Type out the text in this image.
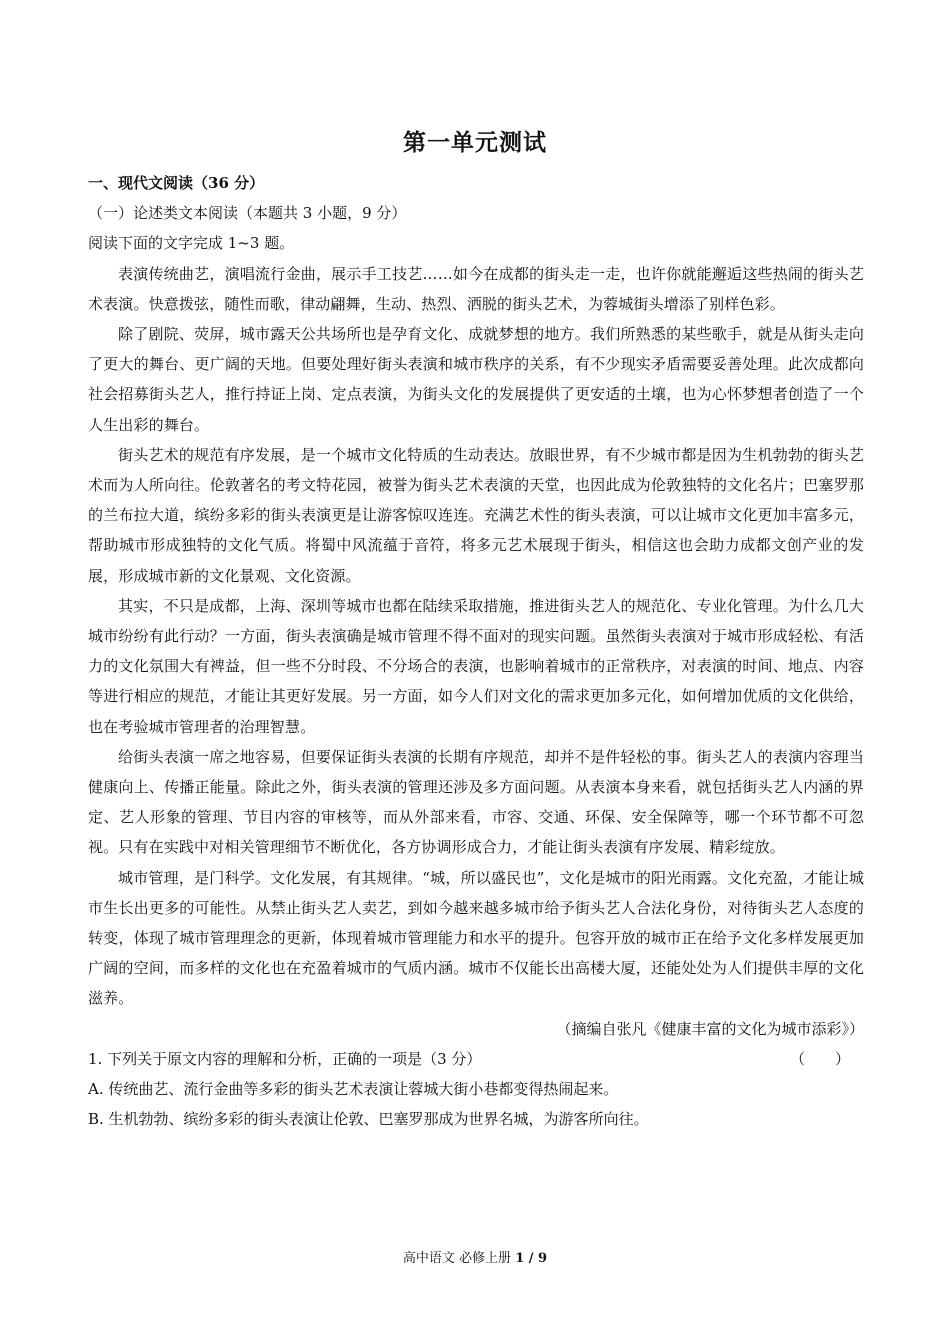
第一单元测试

一、现代文阅读（36 分）

（一）论述类文本阅读（本题共 3 小题，9 分）

阅读下面的文字完成 1~3 题。

表演传统曲艺，演唱流行金曲，展示手工技艺……如今在成都的街头走一走，也许你就能邂逅这些热闹的街头艺术表演。快意拨弦，随性而歌，律动翩舞，生动、热烈、洒脱的街头艺术，为蓉城街头增添了别样色彩。

除了剧院、荧屏，城市露天公共场所也是孕育文化、成就梦想的地方。我们所熟悉的某些歌手，就是从街头走向了更大的舞台、更广阔的天地。但要处理好街头表演和城市秩序的关系，有不少现实矛盾需要妥善处理。此次成都向社会招募街头艺人，推行持证上岗、定点表演，为街头文化的发展提供了更安适的土壤，也为心怀梦想者创造了一个人生出彩的舞台。

街头艺术的规范有序发展，是一个城市文化特质的生动表达。放眼世界，有不少城市都是因为生机勃勃的街头艺术而为人所向往。伦敦著名的考文特花园，被誉为街头艺术表演的天堂，也因此成为伦敦独特的文化名片；巴塞罗那的兰布拉大道，缤纷多彩的街头表演更是让游客惊叹连连。充满艺术性的街头表演，可以让城市文化更加丰富多元，帮助城市形成独特的文化气质。将蜀中风流蕴于音符，将多元艺术展现于街头，相信这也会助力成都文创产业的发展，形成城市新的文化景观、文化资源。

其实，不只是成都，上海、深圳等城市也都在陆续采取措施，推进街头艺人的规范化、专业化管理。为什么几大城市纷纷有此行动？一方面，街头表演确是城市管理不得不面对的现实问题。虽然街头表演对于城市形成轻松、有活力的文化氛围大有裨益，但一些不分时段、不分场合的表演，也影响着城市的正常秩序，对表演的时间、地点、内容等进行相应的规范，才能让其更好发展。另一方面，如今人们对文化的需求更加多元化，如何增加优质的文化供给，也在考验城市管理者的治理智慧。

给街头表演一席之地容易，但要保证街头表演的长期有序规范，却并不是件轻松的事。街头艺人的表演内容理当健康向上、传播正能量。除此之外，街头表演的管理还涉及多方面问题。从表演本身来看，就包括街头艺人内涵的界定、艺人形象的管理、节目内容的审核等，而从外部来看，市容、交通、环保、安全保障等，哪一个环节都不可忽视。只有在实践中对相关管理细节不断优化，各方协调形成合力，才能让街头表演有序发展、精彩绽放。

城市管理，是门科学。文化发展，有其规律。“城，所以盛民也”，文化是城市的阳光雨露。文化充盈，才能让城市生长出更多的可能性。从禁止街头艺人卖艺，到如今越来越多城市给予街头艺人合法化身份，对待街头艺人态度的转变，体现了城市管理理念的更新，体现着城市管理能力和水平的提升。包容开放的城市正在给予文化多样发展更加广阔的空间，而多样的文化也在充盈着城市的气质内涵。城市不仅能长出高楼大厦，还能处处为人们提供丰厚的文化滋养。

（摘编自张凡《健康丰富的文化为城市添彩》）

1. 下列关于原文内容的理解和分析，正确的一项是（3 分）	（　　）

A. 传统曲艺、流行金曲等多彩的街头艺术表演让蓉城大街小巷都变得热闹起来。

B. 生机勃勃、缤纷多彩的街头表演让伦敦、巴塞罗那成为世界名城，为游客所向往。

高中语文 必修上册 1 / 9
